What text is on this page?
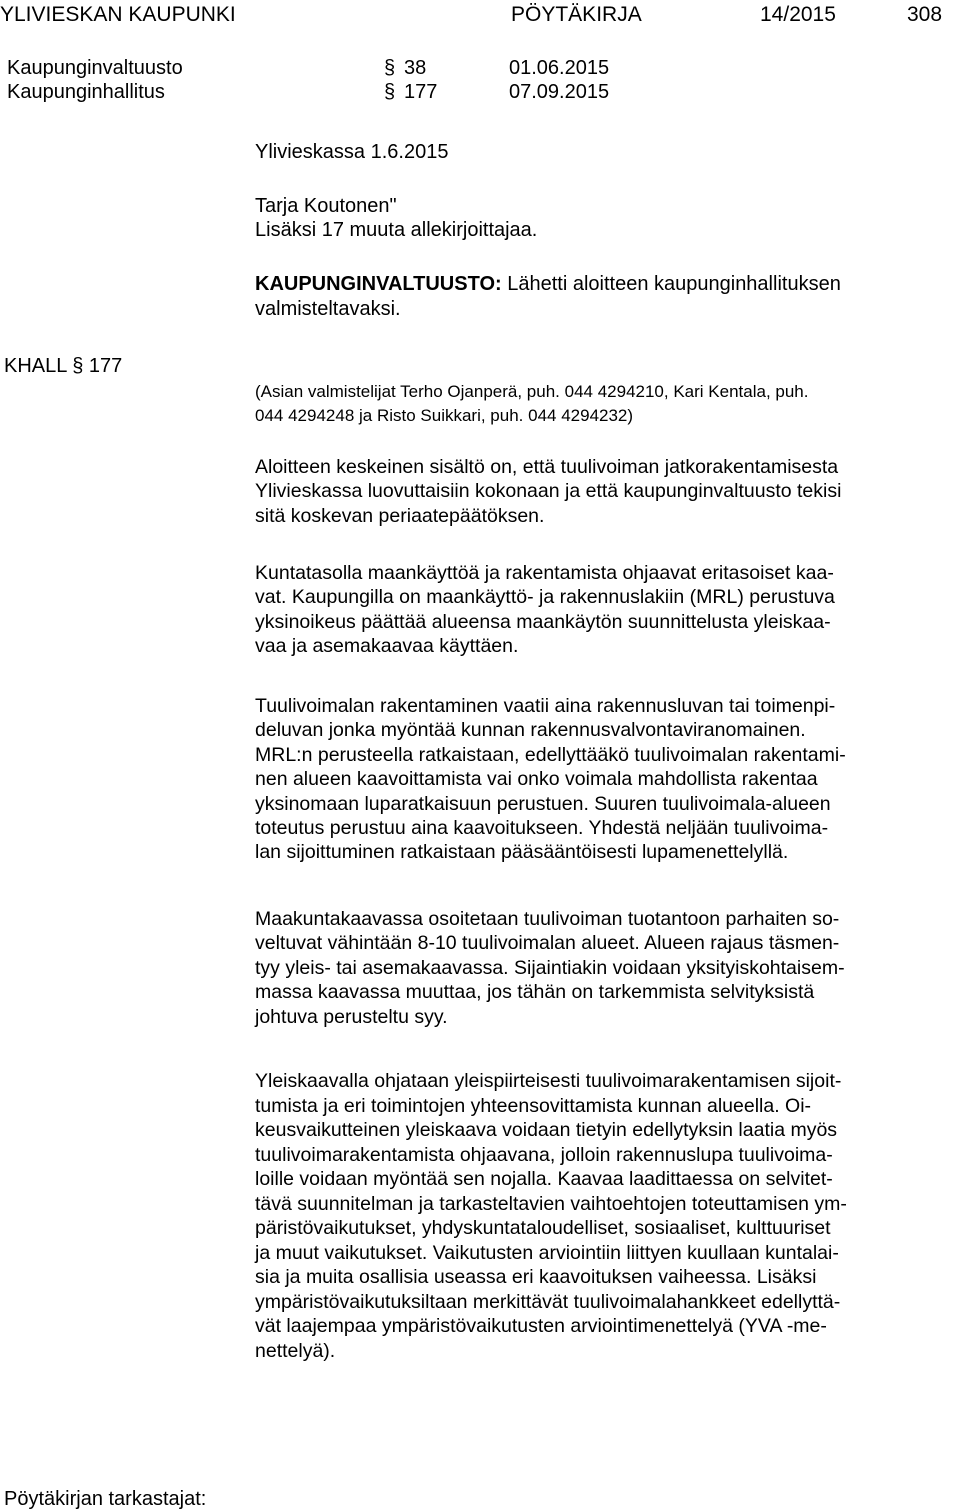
YLIVIESKAN KAUPUNKI	PÖYTÄKIRJA	14/2015	308
Kaupunginvaltuusto	§ 38	01.06.2015
Kaupunginhallitus	§ 177	07.09.2015
Ylivieskassa 1.6.2015
Tarja Koutonen"
Lisäksi 17 muuta allekirjoittajaa.
KAUPUNGINVALTUUSTO: Lähetti aloitteen kaupunginhallituksen
valmisteltavaksi.
KHALL § 177
(Asian valmistelijat Terho Ojanperä, puh. 044 4294210, Kari Kentala, puh.
044 4294248 ja Risto Suikkari, puh. 044 4294232)

Aloitteen keskeinen sisältö on, että tuulivoiman jatkorakentamisesta

Ylivieskassa luovuttaisiin kokonaan ja että kaupunginvaltuusto tekisi

sitä koskevan periaatepäätöksen.

Kuntatasolla maankäyttöä ja rakentamista ohjaavat eritasoiset kaa-

vat. Kaupungilla on maankäyttö- ja rakennuslakiin (MRL) perustuva

yksinoikeus päättää alueensa maankäytön suunnittelusta yleiskaa-

vaa ja asemakaavaa käyttäen.

Tuulivoimalan rakentaminen vaatii aina rakennusluvan tai toimenpi-

deluvan jonka myöntää kunnan rakennusvalvontaviranomainen.

MRL:n perusteella ratkaistaan, edellyttääkö tuulivoimalan rakentami-

nen alueen kaavoittamista vai onko voimala mahdollista rakentaa

yksinomaan luparatkaisuun perustuen. Suuren tuulivoimala-alueen

toteutus perustuu aina kaavoitukseen. Yhdestä neljään tuulivoima-

lan sijoittuminen ratkaistaan pääsääntöisesti lupamenettelyllä.

Maakuntakaavassa osoitetaan tuulivoiman tuotantoon parhaiten so-

veltuvat vähintään 8-10 tuulivoimalan alueet. Alueen rajaus täsmen-

tyy yleis- tai asemakaavassa. Sijaintiakin voidaan yksityiskohtaisem-

massa kaavassa muuttaa, jos tähän on tarkemmista selvityksistä

johtuva perusteltu syy.

Yleiskaavalla ohjataan yleispiirteisesti tuulivoimarakentamisen sijoit-

tumista ja eri toimintojen yhteensovittamista kunnan alueella. Oi-

keusvaikutteinen yleiskaava voidaan tietyin edellytyksin laatia myös

tuulivoimarakentamista ohjaavana, jolloin rakennuslupa tuulivoima-

loille voidaan myöntää sen nojalla. Kaavaa laadittaessa on selvitet-

tävä suunnitelman ja tarkasteltavien vaihtoehtojen toteuttamisen ym-

päristövaikutukset, yhdyskuntataloudelliset, sosiaaliset, kulttuuriset

ja muut vaikutukset. Vaikutusten arviointiin liittyen kuullaan kuntalai-

sia ja muita osallisia useassa eri kaavoituksen vaiheessa. Lisäksi

ympäristövaikutuksiltaan merkittävät tuulivoimalahankkeet edellyttä-

vät laajempaa ympäristövaikutusten arviointimenettelyä (YVA -me-

nettelyä).

Pöytäkirjan tarkastajat:
